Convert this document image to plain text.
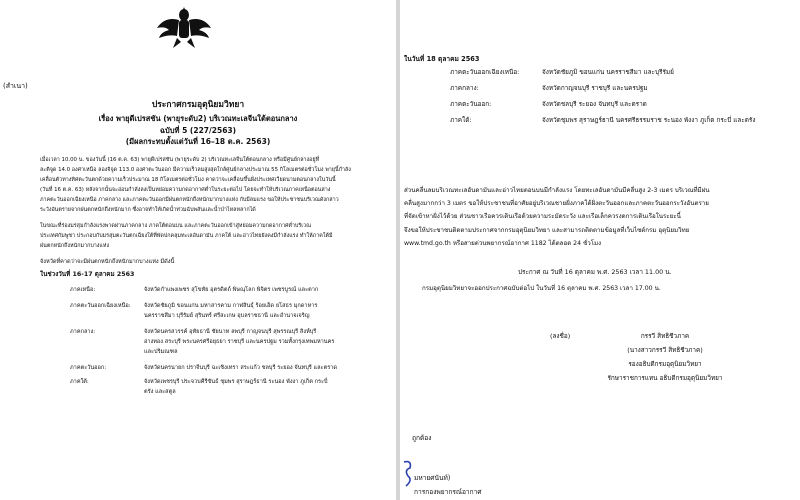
(สำเนา)
ประกาศกรมอุตุนิยมวิทยา
เรื่อง พายุดีเปรสชัน (พายุระดับ2) บริเวณทะเลจีนใต้ตอนกลาง
ฉบับที่ 5 (227/2563)
(มีผลกระทบตั้งแต่วันที่ 16–18 ต.ค. 2563)
เมื่อเวลา 10.00 น. ของวันนี้ (16 ต.ค. 63) พายุดีเปรสชัน (พายุระดับ 2) บริเวณทะเลจีนใต้ตอนกลาง หรือมีศูนย์กลางอยู่ที่
ละติจูด 14.0 องศาเหนือ ลองจิจูด 113.0 องศาตะวันออก มีความเร็วลมสูงสุดใกล้ศูนย์กลางประมาณ 55 กิโลเมตรต่อชั่วโมง พายุนี้กำลัง
เคลื่อนตัวทางทิศตะวันตกด้วยความเร็วประมาณ 18 กิโลเมตรต่อชั่วโมง คาดว่าจะเคลื่อนขึ้นฝั่งประเทศเวียดนามตอนกลางในวันนี้
(วันที่ 16 ต.ค. 63) หลังจากนั้นจะอ่อนกำลังลงเป็นหย่อมความกดอากาศต่ำในระยะต่อไป โดยจะทำให้บริเวณภาคเหนือตอนล่าง
ภาคตะวันออกเฉียงเหนือ ภาคกลาง และภาคตะวันออกมีฝนตกหนักถึงหนักมากบางแห่ง กับมีลมแรง ขอให้ประชาชนบริเวณดังกล่าว
ระวังอันตรายจากฝนตกหนักถึงหนักมาก ซึ่งอาจทำให้เกิดน้ำท่วมฉับพลันและน้ำป่าไหลหลากได้
ในขณะที่ร่องมรสุมกำลังแรงพาดผ่านภาคกลาง ภาคใต้ตอนบน และภาคตะวันออกเข้าสู่หย่อมความกดอากาศต่ำบริเวณ
ประเทศกัมพูชา ประกอบกับมรสุมตะวันตกเฉียงใต้ที่พัดปกคลุมทะเลอันดามัน ภาคใต้ และอ่าวไทยยังคงมีกำลังแรง ทำให้ภาคใต้มี
ฝนตกหนักถึงหนักมากบางแห่ง
จังหวัดที่คาดว่าจะมีฝนตกหนักถึงหนักมากบางแห่ง มีดังนี้
ในช่วงวันที่ 16-17 ตุลาคม 2563
ภาคเหนือ:	จังหวัดกำแพงเพชร สุโขทัย อุตรดิตถ์ พิษณุโลก พิจิตร เพชรบูรณ์ และตาก
ภาคตะวันออกเฉียงเหนือ: จังหวัดชัยภูมิ ขอนแก่น มหาสารคาม กาฬสินธุ์ ร้อยเอ็ด ยโสธร มุกดาหาร
นครราชสีมา บุรีรัมย์ สุรินทร์ ศรีสะเกษ อุบลราชธานี และอำนาจเจริญ
ภาคกลาง:	จังหวัดนครสวรรค์ อุทัยธานี ชัยนาท ลพบุรี กาญจนบุรี สุพรรณบุรี สิงห์บุรี
อ่างทอง สระบุรี พระนครศรีอยุธยา ราชบุรี และนครปฐม รวมทั้งกรุงเทพมหานคร
และปริมณฑล
ภาคตะวันออก:	จังหวัดนครนายก ปราจีนบุรี ฉะเชิงเทรา สระแก้ว ชลบุรี ระยอง จันทบุรี และตราด
ภาคใต้:	จังหวัดเพชรบุรี ประจวบคีรีขันธ์ ชุมพร สุราษฎร์ธานี ระนอง พังงา ภูเก็ต กระบี่
ตรัง และสตูล
ในวันที่ 18 ตุลาคม 2563
ภาคตะวันออกเฉียงเหนือ:	จังหวัดชัยภูมิ ขอนแก่น นครราชสีมา และบุรีรัมย์
ภาคกลาง:	จังหวัดกาญจนบุรี ราชบุรี และนครปฐม
ภาคตะวันออก:	จังหวัดชลบุรี ระยอง จันทบุรี และตราด
ภาคใต้:	จังหวัดชุมพร สุราษฎร์ธานี นครศรีธรรมราช ระนอง พังงา ภูเก็ต กระบี่ และตรัง
ส่วนคลื่นลมบริเวณทะเลอันดามันและอ่าวไทยตอนบนมีกำลังแรง โดยทะเลอันดามันมีคลื่นสูง 2-3 เมตร บริเวณที่มีฝน
คลื่นสูงมากกว่า 3 เมตร ขอให้ประชาชนที่อาศัยอยู่บริเวณชายฝั่งภาคใต้ฝั่งตะวันออกและภาคตะวันออกระวังอันตราย
ที่จัดเข้าหาฝั่งไว้ด้วย ส่วนชาวเรือควรเดินเรือด้วยความระมัดระวัง และเรือเล็กควรงดการเดินเรือในระยะนี้
จึงขอให้ประชาชนติดตามประกาศจากกรมอุตุนิยมวิทยา และสามารถติดตามข้อมูลที่เว็บไซต์กรม อุตุนิยมวิทย
www.tmd.go.th หรือสายด่วนพยากรณ์อากาศ 1182 ได้ตลอด 24 ชั่วโมง
ประกาศ ณ วันที่ 16 ตุลาคม พ.ศ. 2563 เวลา 11.00 น.
กรมอุตุนิยมวิทยาจะออกประกาศฉบับต่อไป ในวันที่ 16 ตุลาคม พ.ศ. 2563 เวลา 17.00 น.
(ลงชื่อ)	กรรวี สิทธิชีวภาค
(นางสาวกรรวี สิทธิชีวภาค)
รองอธิบดีกรมอุตุนิยมวิทยา
รักษาราชการแทน อธิบดีกรมอุตุนิยมวิทยา
ถูกต้อง
มหายศนันท์)
การกองพยากรณ์อากาศ
